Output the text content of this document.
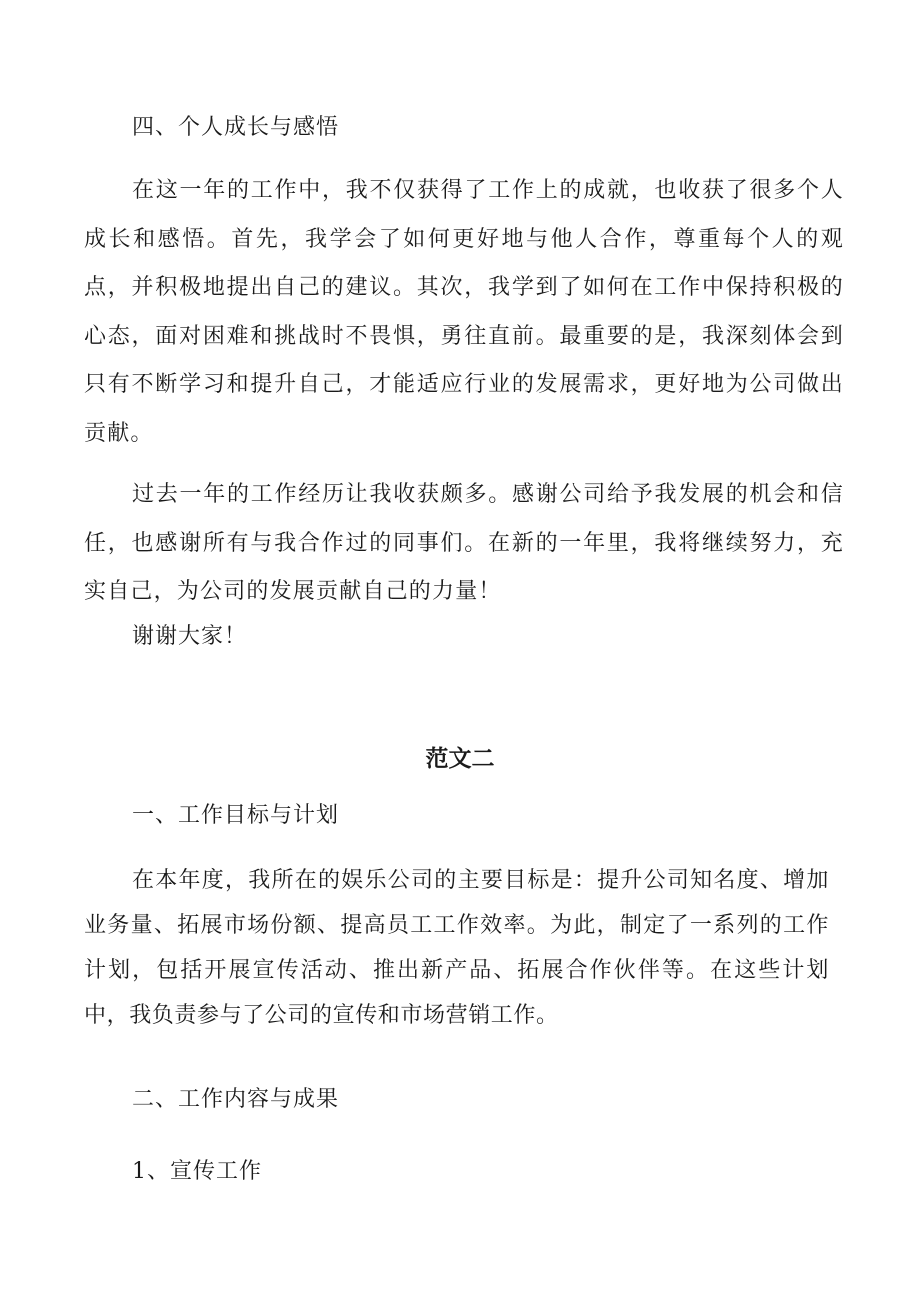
四、个人成长与感悟

在这一年的工作中，我不仅获得了工作上的成就，也收获了很多个人成长和感悟。首先，我学会了如何更好地与他人合作，尊重每个人的观点，并积极地提出自己的建议。其次，我学到了如何在工作中保持积极的心态，面对困难和挑战时不畏惧，勇往直前。最重要的是，我深刻体会到只有不断学习和提升自己，才能适应行业的发展需求，更好地为公司做出贡献。

过去一年的工作经历让我收获颇多。感谢公司给予我发展的机会和信任，也感谢所有与我合作过的同事们。在新的一年里，我将继续努力，充实自己，为公司的发展贡献自己的力量！

谢谢大家！

范文二

一、工作目标与计划

在本年度，我所在的娱乐公司的主要目标是：提升公司知名度、增加业务量、拓展市场份额、提高员工工作效率。为此，制定了一系列的工作计划，包括开展宣传活动、推出新产品、拓展合作伙伴等。在这些计划中，我负责参与了公司的宣传和市场营销工作。

二、工作内容与成果

1、宣传工作
